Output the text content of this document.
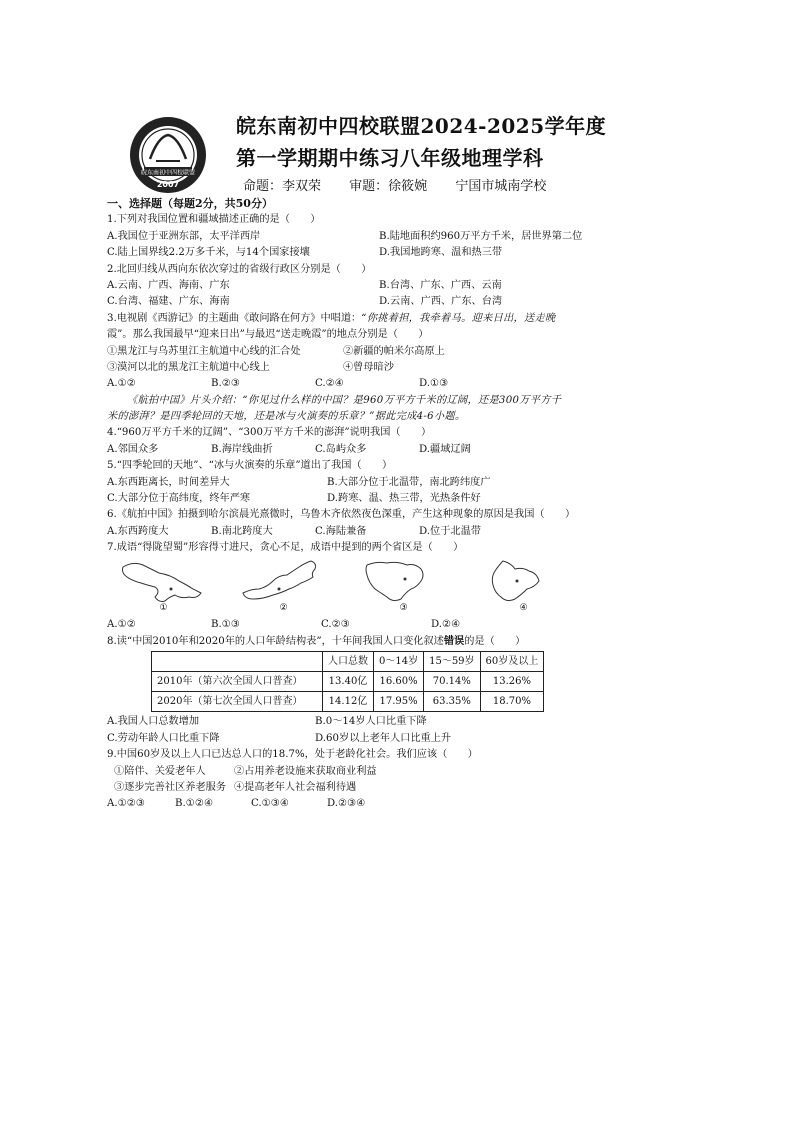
皖东南初中四校联盟
2007
皖东南初中四校联盟2024-2025学年度
第一学期期中练习八年级地理学科
命题：李双荣 审题：徐筱婉 宁国市城南学校
一、选择题（每题2分，共50分）
1.下列对我国位置和疆域描述正确的是（　　）
A.我国位于亚洲东部，太平洋西岸	B.陆地面积约960万平方千米，居世界第二位
C.陆上国界线2.2万多千米，与14个国家接壤	D.我国地跨寒、温和热三带
2.北回归线从西向东依次穿过的省级行政区分别是（　　）
A.云南、广西、海南、广东	B.台湾、广东、广西、云南
C.台湾、福建、广东、海南	D.云南、广西、广东、台湾
3.电视剧《西游记》的主题曲《敢问路在何方》中唱道：“你挑着担，我牵着马。迎来日出，送走晚
霞”。那么我国最早“迎来日出”与最迟“送走晚霞”的地点分别是（　　）
①黑龙江与乌苏里江主航道中心线的汇合处	②新疆的帕米尔高原上
③漠河以北的黑龙江主航道中心线上	④曾母暗沙
A.①②	B.②③	C.②④	D.①③
《航拍中国》片头介绍：“你见过什么样的中国？是960万平方千米的辽阔，还是300万平方千
米的澎湃？是四季轮回的天地，还是冰与火演奏的乐章？”据此完成4-6小题。
4.“960万平方千米的辽阔”、“300万平方千米的澎湃”说明我国（　　）
A.邻国众多	B.海岸线曲折	C.岛屿众多	D.疆域辽阔
5.“四季轮回的天地”、“冰与火演奏的乐章”道出了我国（　　）
A.东西距离长，时间差异大	B.大部分位于北温带，南北跨纬度广
C.大部分位于高纬度，终年严寒	D.跨寒、温、热三带，光热条件好
6.《航拍中国》拍摄到哈尔滨晨光熹微时，乌鲁木齐依然夜色深重，产生这种现象的原因是我国（　　）
A.东西跨度大	B.南北跨度大	C.海陆兼备	D.位于北温带
7.成语“得陇望蜀”形容得寸进尺，贪心不足，成语中提到的两个省区是（　　）
①	②	③	④
A.①②	B.①③	C.②③	D.②④
8.读“中国2010年和2020年的人口年龄结构表”，十年间我国人口变化叙述错误的是（　　）
	人口总数	0～14岁	15～59岁	60岁及以上
2010年（第六次全国人口普查）	13.40亿	16.60%	70.14%	13.26%
2020年（第七次全国人口普查）	14.12亿	17.95%	63.35%	18.70%
A.我国人口总数增加	B.0～14岁人口比重下降
C.劳动年龄人口比重下降	D.60岁以上老年人口比重上升
9.中国60岁及以上人口已达总人口的18.7%，处于老龄化社会。我们应该（　　）
①陪伴、关爱老年人	②占用养老设施来获取商业利益
③逐步完善社区养老服务 ④提高老年人社会福利待遇
A.①②③	B.①②④	C.①③④	D.②③④
